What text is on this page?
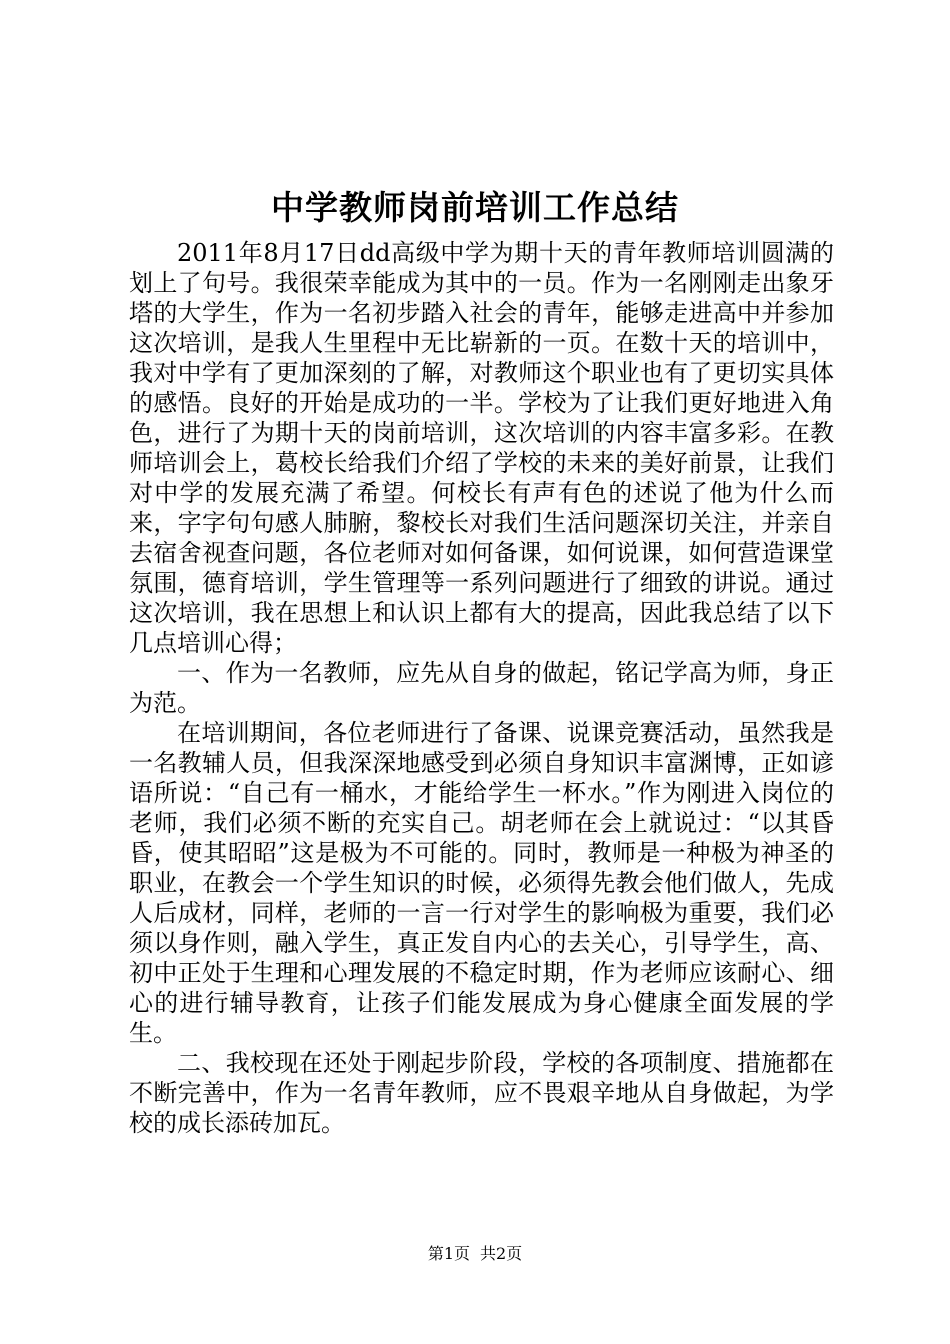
中学教师岗前培训工作总结

2011年8月17日dd高级中学为期十天的青年教师培训圆满的划上了句号。我很荣幸能成为其中的一员。作为一名刚刚走出象牙塔的大学生，作为一名初步踏入社会的青年，能够走进高中并参加这次培训，是我人生里程中无比崭新的一页。在数十天的培训中，我对中学有了更加深刻的了解，对教师这个职业也有了更切实具体的感悟。良好的开始是成功的一半。学校为了让我们更好地进入角色，进行了为期十天的岗前培训，这次培训的内容丰富多彩。在教师培训会上，葛校长给我们介绍了学校的未来的美好前景，让我们对中学的发展充满了希望。何校长有声有色的述说了他为什么而来，字字句句感人肺腑，黎校长对我们生活问题深切关注，并亲自去宿舍视查问题，各位老师对如何备课，如何说课，如何营造课堂氛围，德育培训，学生管理等一系列问题进行了细致的讲说。通过这次培训，我在思想上和认识上都有大的提高，因此我总结了以下几点培训心得；

一、作为一名教师，应先从自身的做起，铭记学高为师，身正为范。

在培训期间，各位老师进行了备课、说课竞赛活动，虽然我是一名教辅人员，但我深深地感受到必须自身知识丰富渊博，正如谚语所说：“自己有一桶水，才能给学生一杯水。”作为刚进入岗位的老师，我们必须不断的充实自己。胡老师在会上就说过：“以其昏昏，使其昭昭”这是极为不可能的。同时，教师是一种极为神圣的职业，在教会一个学生知识的时候，必须得先教会他们做人，先成人后成材，同样，老师的一言一行对学生的影响极为重要，我们必须以身作则，融入学生，真正发自内心的去关心，引导学生，高、初中正处于生理和心理发展的不稳定时期，作为老师应该耐心、细心的进行辅导教育，让孩子们能发展成为身心健康全面发展的学生。

二、我校现在还处于刚起步阶段，学校的各项制度、措施都在不断完善中，作为一名青年教师，应不畏艰辛地从自身做起，为学校的成长添砖加瓦。

第1页 共2页
